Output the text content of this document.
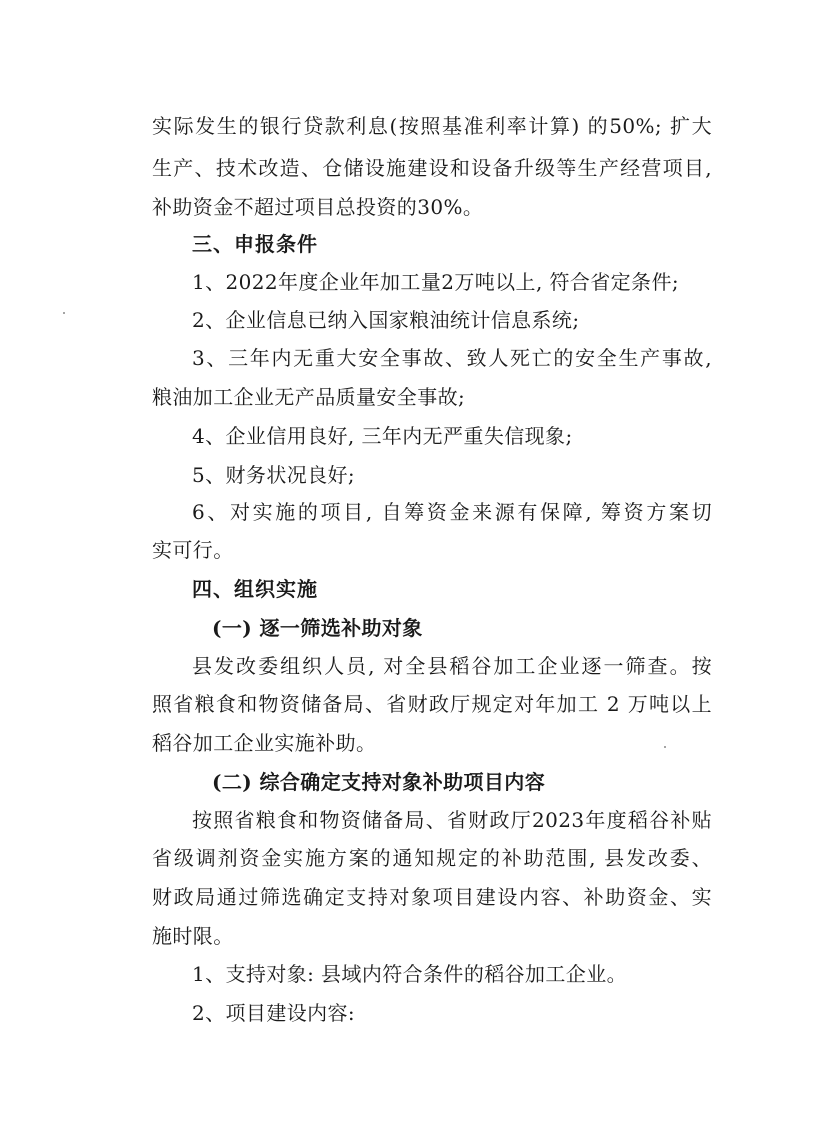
实际发生的银行贷款利息(按照基准利率计算) 的50%; 扩大
生产、技术改造、仓储设施建设和设备升级等生产经营项目,
补助资金不超过项目总投资的30%。
三、申报条件
1、2022年度企业年加工量2万吨以上, 符合省定条件;
2、企业信息已纳入国家粮油统计信息系统;
3、三年内无重大安全事故、致人死亡的安全生产事故,
粮油加工企业无产品质量安全事故;
4、企业信用良好, 三年内无严重失信现象;
5、财务状况良好;
6、对实施的项目, 自筹资金来源有保障, 筹资方案切
实可行。
四、组织实施
(一) 逐一筛选补助对象
县发改委组织人员, 对全县稻谷加工企业逐一筛查。按
照省粮食和物资储备局、省财政厅规定对年加工 2 万吨以上
稻谷加工企业实施补助。
(二) 综合确定支持对象补助项目内容
按照省粮食和物资储备局、省财政厅2023年度稻谷补贴
省级调剂资金实施方案的通知规定的补助范围, 县发改委、
财政局通过筛选确定支持对象项目建设内容、补助资金、实
施时限。
1、支持对象: 县域内符合条件的稻谷加工企业。
2、项目建设内容:
